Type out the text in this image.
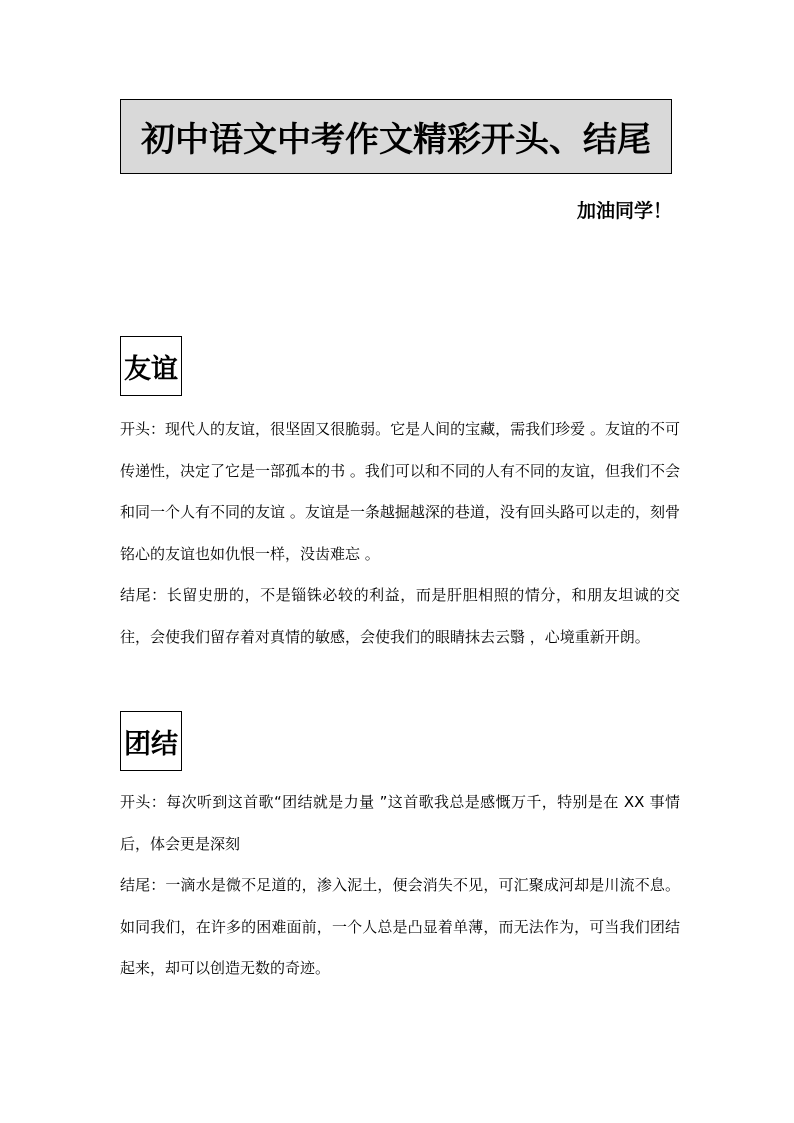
初中语文中考作文精彩开头、结尾
加油同学！
友谊

开头：现代人的友谊，很坚固又很脆弱。它是人间的宝藏，需我们珍爱 。友谊的不可传递性，决定了它是一部孤本的书 。我们可以和不同的人有不同的友谊，但我们不会和同一个人有不同的友谊 。友谊是一条越掘越深的巷道，没有回头路可以走的，刻骨铭心的友谊也如仇恨一样，没齿难忘 。

结尾：长留史册的，不是锱铢必较的利益，而是肝胆相照的情分，和朋友坦诚的交往，会使我们留存着对真情的敏感，会使我们的眼睛抹去云翳 ，心境重新开朗。

团结

开头：每次听到这首歌“团结就是力量 ”这首歌我总是感慨万千，特别是在 XX 事情后，体会更是深刻

结尾：一滴水是微不足道的，渗入泥土，便会消失不见，可汇聚成河却是川流不息。如同我们，在许多的困难面前，一个人总是凸显着单薄，而无法作为，可当我们团结起来，却可以创造无数的奇迹。
